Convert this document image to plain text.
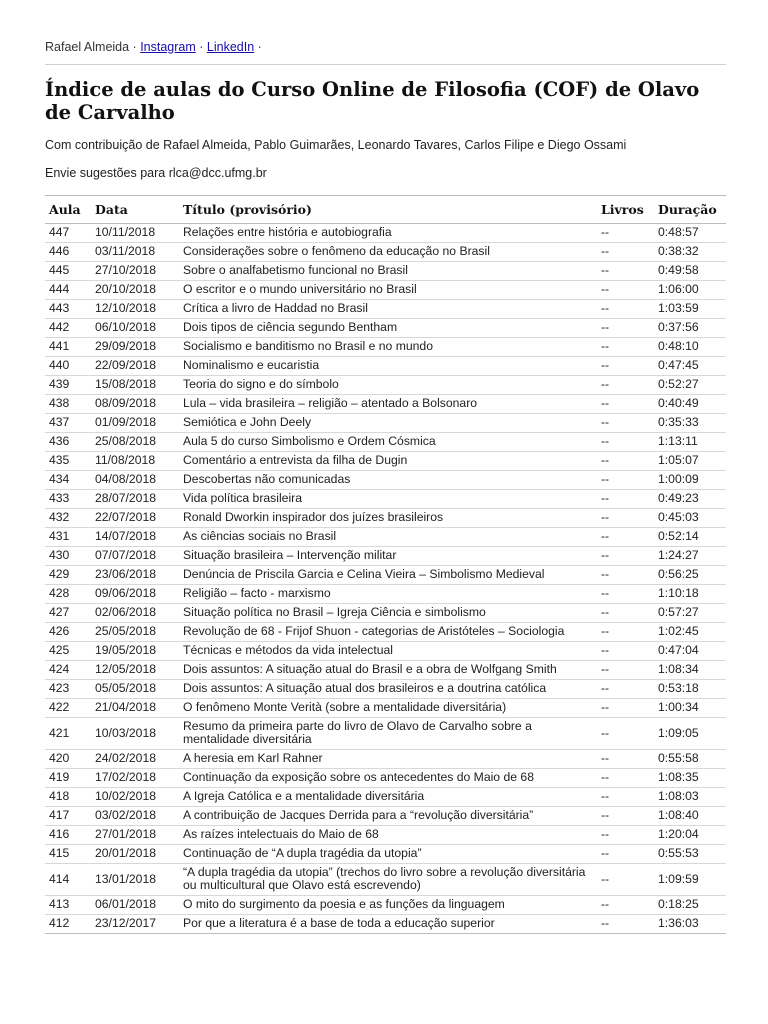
Rafael Almeida · Instagram · LinkedIn ·
Índice de aulas do Curso Online de Filosofia (COF) de Olavo de Carvalho
Com contribuição de Rafael Almeida, Pablo Guimarães, Leonardo Tavares, Carlos Filipe e Diego Ossami
Envie sugestões para rlca@dcc.ufmg.br
Aula	Data	Título (provisório)	Livros	Duração
447	10/11/2018	Relações entre história e autobiografia	--	0:48:57
446	03/11/2018	Considerações sobre o fenômeno da educação no Brasil	--	0:38:32
445	27/10/2018	Sobre o analfabetismo funcional no Brasil	--	0:49:58
444	20/10/2018	O escritor e o mundo universitário no Brasil	--	1:06:00
443	12/10/2018	Crítica a livro de Haddad no Brasil	--	1:03:59
442	06/10/2018	Dois tipos de ciência segundo Bentham	--	0:37:56
441	29/09/2018	Socialismo e banditismo no Brasil e no mundo	--	0:48:10
440	22/09/2018	Nominalismo e eucaristia	--	0:47:45
439	15/08/2018	Teoria do signo e do símbolo	--	0:52:27
438	08/09/2018	Lula – vida brasileira – religião – atentado a Bolsonaro	--	0:40:49
437	01/09/2018	Semiótica e John Deely	--	0:35:33
436	25/08/2018	Aula 5 do curso Simbolismo e Ordem Cósmica	--	1:13:11
435	11/08/2018	Comentário a entrevista da filha de Dugin	--	1:05:07
434	04/08/2018	Descobertas não comunicadas	--	1:00:09
433	28/07/2018	Vida política brasileira	--	0:49:23
432	22/07/2018	Ronald Dworkin inspirador dos juízes brasileiros	--	0:45:03
431	14/07/2018	As ciências sociais no Brasil	--	0:52:14
430	07/07/2018	Situação brasileira – Intervenção militar	--	1:24:27
429	23/06/2018	Denúncia de Priscila Garcia e Celina Vieira – Simbolismo Medieval	--	0:56:25
428	09/06/2018	Religião – facto - marxismo	--	1:10:18
427	02/06/2018	Situação política no Brasil – Igreja Ciência e simbolismo	--	0:57:27
426	25/05/2018	Revolução de 68 - Frijof Shuon - categorias de Aristóteles – Sociologia	--	1:02:45
425	19/05/2018	Técnicas e métodos da vida intelectual	--	0:47:04
424	12/05/2018	Dois assuntos: A situação atual do Brasil e a obra de Wolfgang Smith	--	1:08:34
423	05/05/2018	Dois assuntos: A situação atual dos brasileiros e a doutrina católica	--	0:53:18
422	21/04/2018	O fenômeno Monte Verità (sobre a mentalidade diversitária)	--	1:00:34
421	10/03/2018	Resumo da primeira parte do livro de Olavo de Carvalho sobre a mentalidade diversitária	--	1:09:05
420	24/02/2018	A heresia em Karl Rahner	--	0:55:58
419	17/02/2018	Continuação da exposição sobre os antecedentes do Maio de 68	--	1:08:35
418	10/02/2018	A Igreja Católica e a mentalidade diversitária	--	1:08:03
417	03/02/2018	A contribuição de Jacques Derrida para a “revolução diversitária”	--	1:08:40
416	27/01/2018	As raízes intelectuais do Maio de 68	--	1:20:04
415	20/01/2018	Continuação de “A dupla tragédia da utopia”	--	0:55:53
414	13/01/2018	“A dupla tragédia da utopia” (trechos do livro sobre a revolução diversitária ou multicultural que Olavo está escrevendo)	--	1:09:59
413	06/01/2018	O mito do surgimento da poesia e as funções da linguagem	--	0:18:25
412	23/12/2017	Por que a literatura é a base de toda a educação superior	--	1:36:03
